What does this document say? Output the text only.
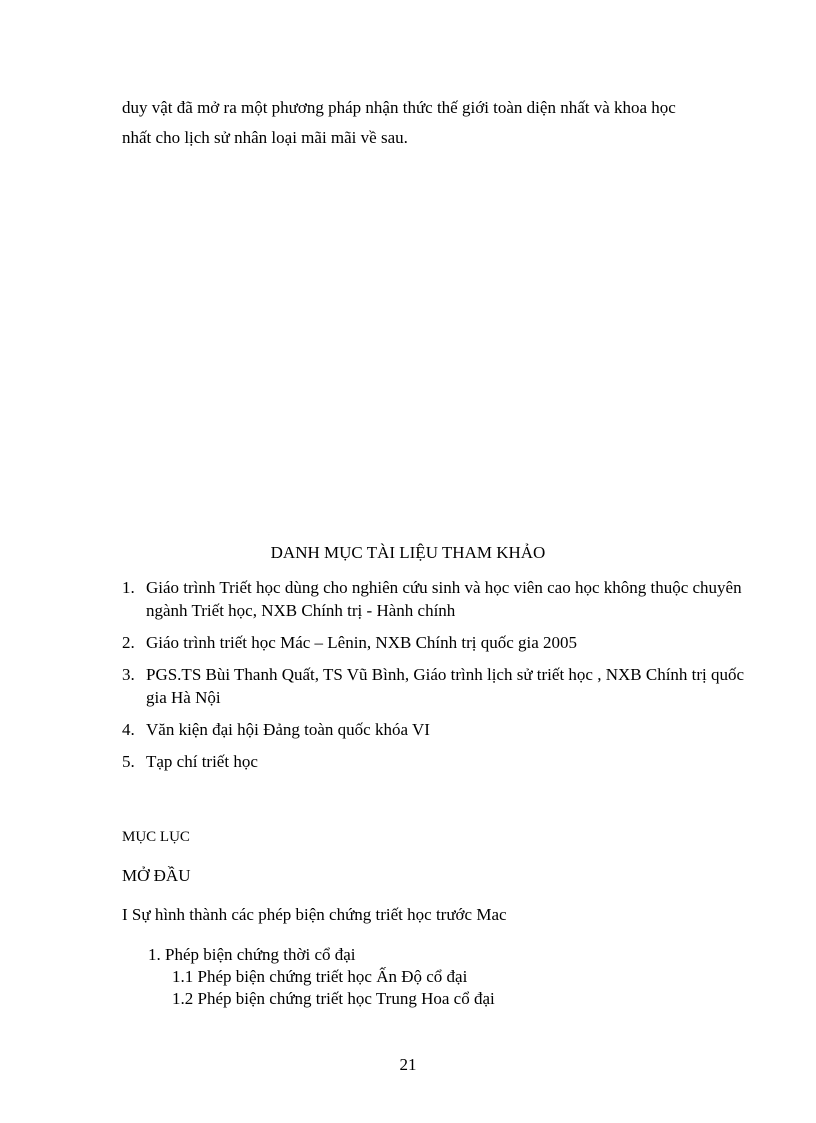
duy vật đã mở ra một phương pháp nhận thức thế giới toàn diện nhất và khoa học
nhất cho lịch sử nhân loại mãi mãi về sau.
DANH MỤC TÀI LIỆU THAM KHẢO
1. Giáo trình Triết học dùng cho nghiên cứu sinh và học viên cao học không thuộc chuyên ngành Triết học, NXB Chính trị - Hành chính
2. Giáo trình triết học Mác – Lênin, NXB Chính trị quốc gia 2005
3. PGS.TS Bùi Thanh Quất, TS Vũ Bình, Giáo trình lịch sử triết học , NXB Chính trị quốc gia Hà Nội
4. Văn kiện đại hội Đảng toàn quốc khóa VI
5. Tạp chí triết học
MỤC LỤC
MỞ ĐẦU
I Sự hình thành các phép biện chứng triết học trước Mac
1. Phép biện chứng thời cổ đại
1.1 Phép biện chứng triết học Ấn Độ cổ đại
1.2 Phép biện chứng triết học Trung Hoa cổ đại
21
